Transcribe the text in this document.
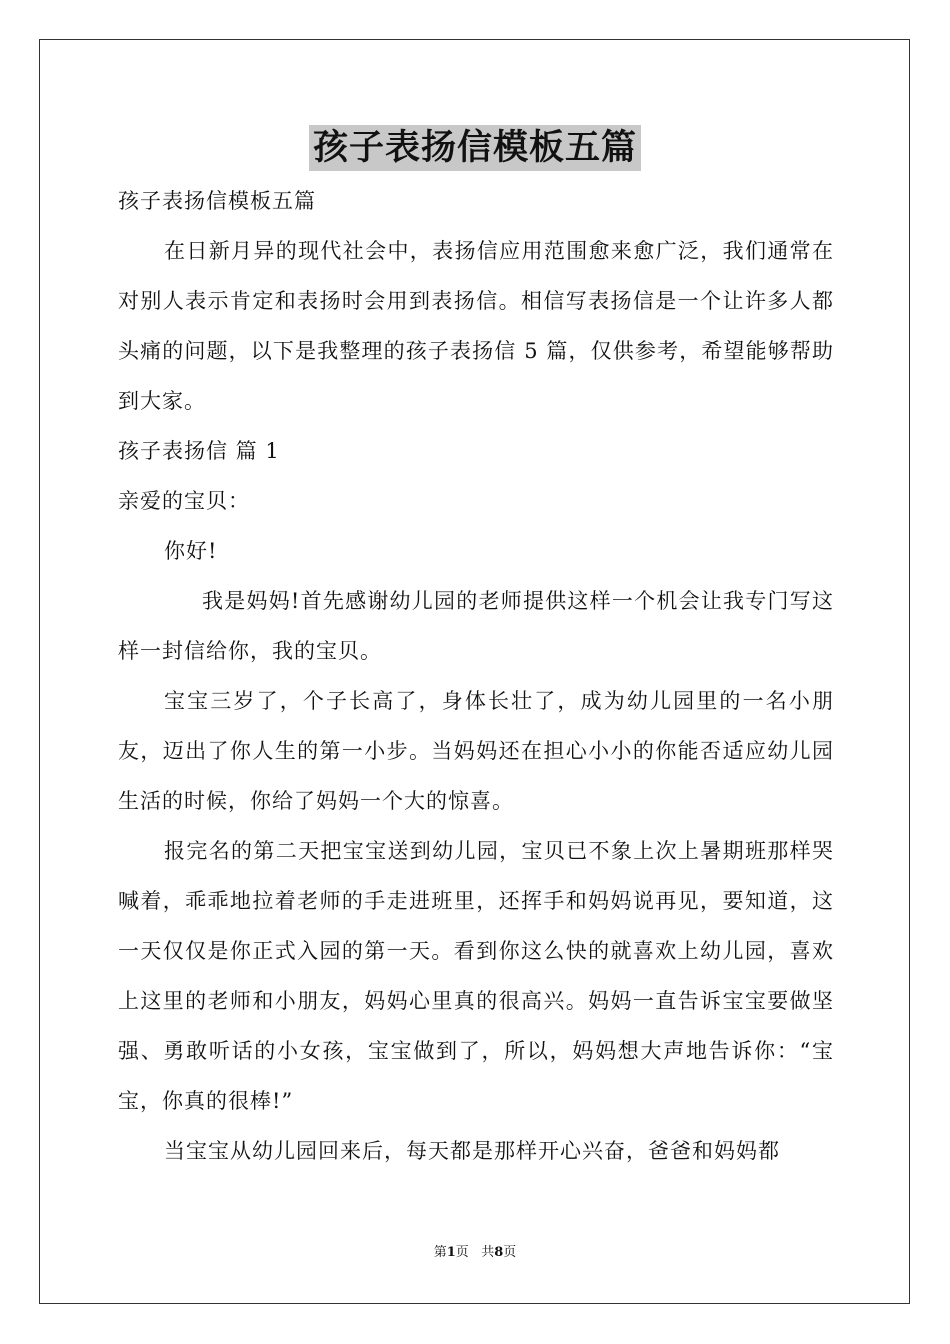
孩子表扬信模板五篇

孩子表扬信模板五篇

在日新月异的现代社会中，表扬信应用范围愈来愈广泛，我们通常在对别人表示肯定和表扬时会用到表扬信。相信写表扬信是一个让许多人都头痛的问题，以下是我整理的孩子表扬信 5 篇，仅供参考，希望能够帮助到大家。

孩子表扬信 篇 1

亲爱的宝贝：

你好!

我是妈妈!首先感谢幼儿园的老师提供这样一个机会让我专门写这样一封信给你，我的宝贝。

宝宝三岁了，个子长高了，身体长壮了，成为幼儿园里的一名小朋友，迈出了你人生的第一小步。当妈妈还在担心小小的你能否适应幼儿园生活的时候，你给了妈妈一个大的惊喜。

报完名的第二天把宝宝送到幼儿园，宝贝已不象上次上暑期班那样哭喊着，乖乖地拉着老师的手走进班里，还挥手和妈妈说再见，要知道，这一天仅仅是你正式入园的第一天。看到你这么快的就喜欢上幼儿园，喜欢上这里的老师和小朋友，妈妈心里真的很高兴。妈妈一直告诉宝宝要做坚强、勇敢听话的小女孩，宝宝做到了，所以，妈妈想大声地告诉你：“宝宝，你真的很棒!”

当宝宝从幼儿园回来后，每天都是那样开心兴奋，爸爸和妈妈都

第1页 共8页
